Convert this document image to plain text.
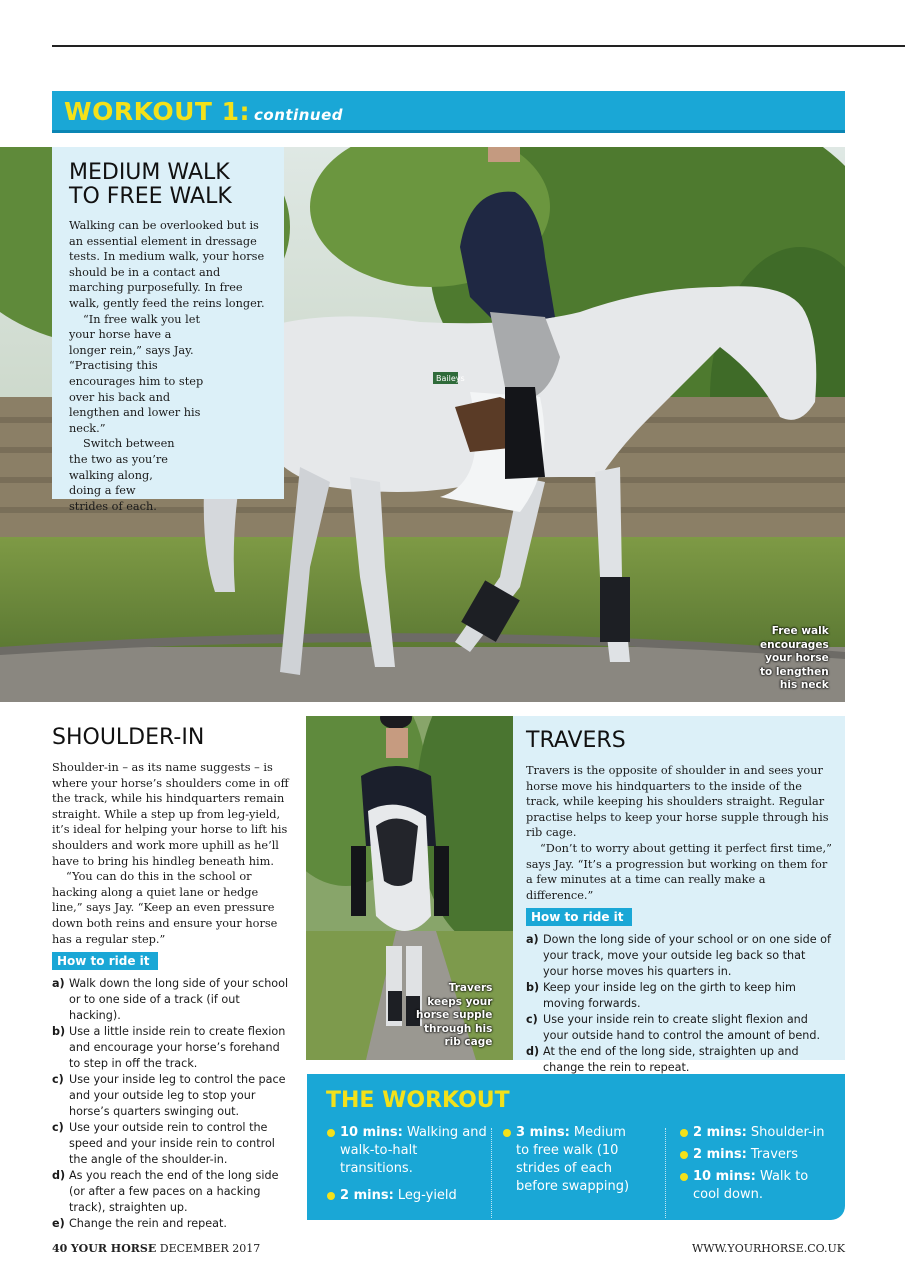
WORKOUT 1: continued
Baileys
Free walk
encourages
your horse
to lengthen
his neck
MEDIUM WALK
TO FREE WALK

Walking can be overlooked but is an essential element in dressage tests. In medium walk, your horse should be in a contact and marching purposefully. In free walk, gently feed the reins longer.

“In free walk you let your horse have a longer rein,” says Jay. “Practising this encourages him to step over his back and lengthen and lower his neck.”

Switch between the two as you’re walking along, doing a few strides of each.

SHOULDER-IN

Shoulder-in – as its name suggests – is where your horse’s shoulders come in off the track, while his hindquarters remain straight. While a step up from leg-yield, it’s ideal for helping your horse to lift his shoulders and work more uphill as he’ll have to bring his hindleg beneath him.

“You can do this in the school or hacking along a quiet lane or hedge line,” says Jay. “Keep an even pressure down both reins and ensure your horse has a regular step.”

How to ride it
a) Walk down the long side of your school or to one side of a track (if out hacking).
b) Use a little inside rein to create flexion and encourage your horse’s forehand to step in off the track.
c) Use your inside leg to control the pace and your outside leg to stop your horse’s quarters swinging out.
c) Use your outside rein to control the speed and your inside rein to control the angle of the shoulder-in.
d) As you reach the end of the long side (or after a few paces on a hacking track), straighten up.
e) Change the rein and repeat.
Travers
keeps your
horse supple
through his
rib cage
TRAVERS

Travers is the opposite of shoulder in and sees your horse move his hindquarters to the inside of the track, while keeping his shoulders straight. Regular practise helps to keep your horse supple through his rib cage.

“Don’t to worry about getting it perfect first time,” says Jay. “It’s a progression but working on them for a few minutes at a time can really make a difference.”

How to ride it
a) Down the long side of your school or on one side of your track, move your outside leg back so that your horse moves his quarters in.
b) Keep your inside leg on the girth to keep him moving forwards.
c) Use your inside rein to create slight flexion and your outside hand to control the amount of bend.
d) At the end of the long side, straighten up and change the rein to repeat.
THE WORKOUT
10 mins: Walking and walk-to-halt transitions.
2 mins: Leg-yield
3 mins: Medium to free walk (10 strides of each before swapping)
2 mins: Shoulder-in
2 mins: Travers
10 mins: Walk to cool down.
40 YOUR HORSE DECEMBER 2017	WWW.YOURHORSE.CO.UK
